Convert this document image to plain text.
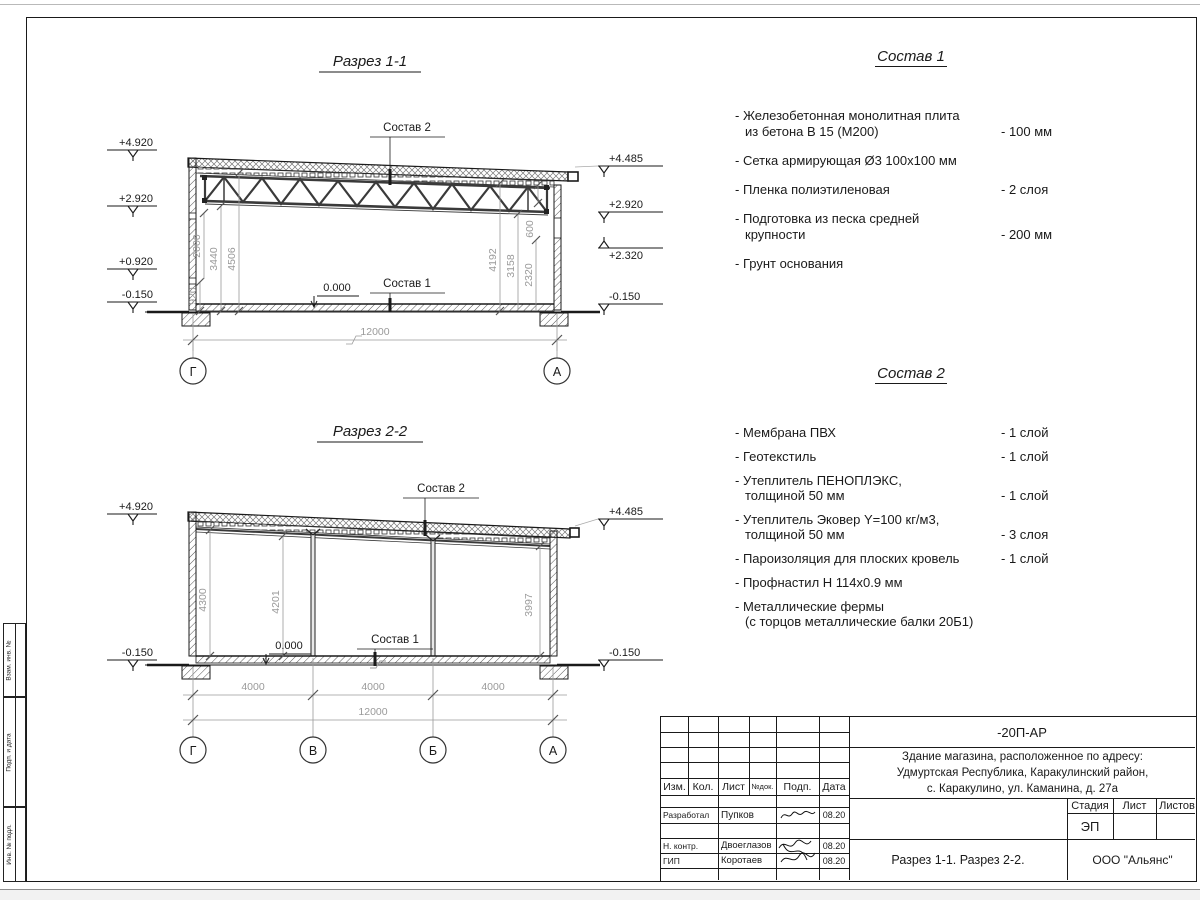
Взам. инв. №
Подп. и дата
Инв. № подл.
Разрез 1-1
920
2000
3440 4506	4192 3158 2320
600
Состав 2
Состав 1
0.000
+4.920
+2.920
+0.920
-0.150
+4.485
+2.920
+2.320
-0.150
12000
Г	А
Разрез 2-2
4300	4201	3997
Состав 2
Состав 1
0.000
+4.920
-0.150
+4.485
-0.150
4000	4000	4000
12000
Г	В	Б	А
Состав 1
- Железобетонная монолитная плита
из бетона В 15 (М200)	- 100 мм
- Сетка армирующая Ø3 100х100 мм
- Пленка полиэтиленовая	- 2 слоя
- Подготовка из песка средней
крупности	- 200 мм
- Грунт основания
Состав 2
- Мембрана ПВХ	- 1 слой
- Геотекстиль	- 1 слой
- Утеплитель ПЕНОПЛЭКС,
толщиной 50 мм	- 1 слой
- Утеплитель Эковер Y=100 кг/м3,
толщиной 50 мм	- 3 слоя
- Пароизоляция для плоских кровель	- 1 слой
- Профнастил Н 114х0.9 мм
- Металлические фермы
(с торцов металлические балки 20Б1)
Изм. Кол. Лист №док. Подп.	Дата
Разработал	Пупков	08.20
Н. контр.	Двоеглазов	08.20
ГИП	Коротаев	08.20
-20П-АР
Здание магазина, расположенное по адресу:
Удмуртская Республика, Каракулинский район,
с. Каракулино, ул. Каманина, д. 27а
Стадия	Лист	Листов
ЭП
Разрез 1-1. Разрез 2-2.	ООО "Альянс"
